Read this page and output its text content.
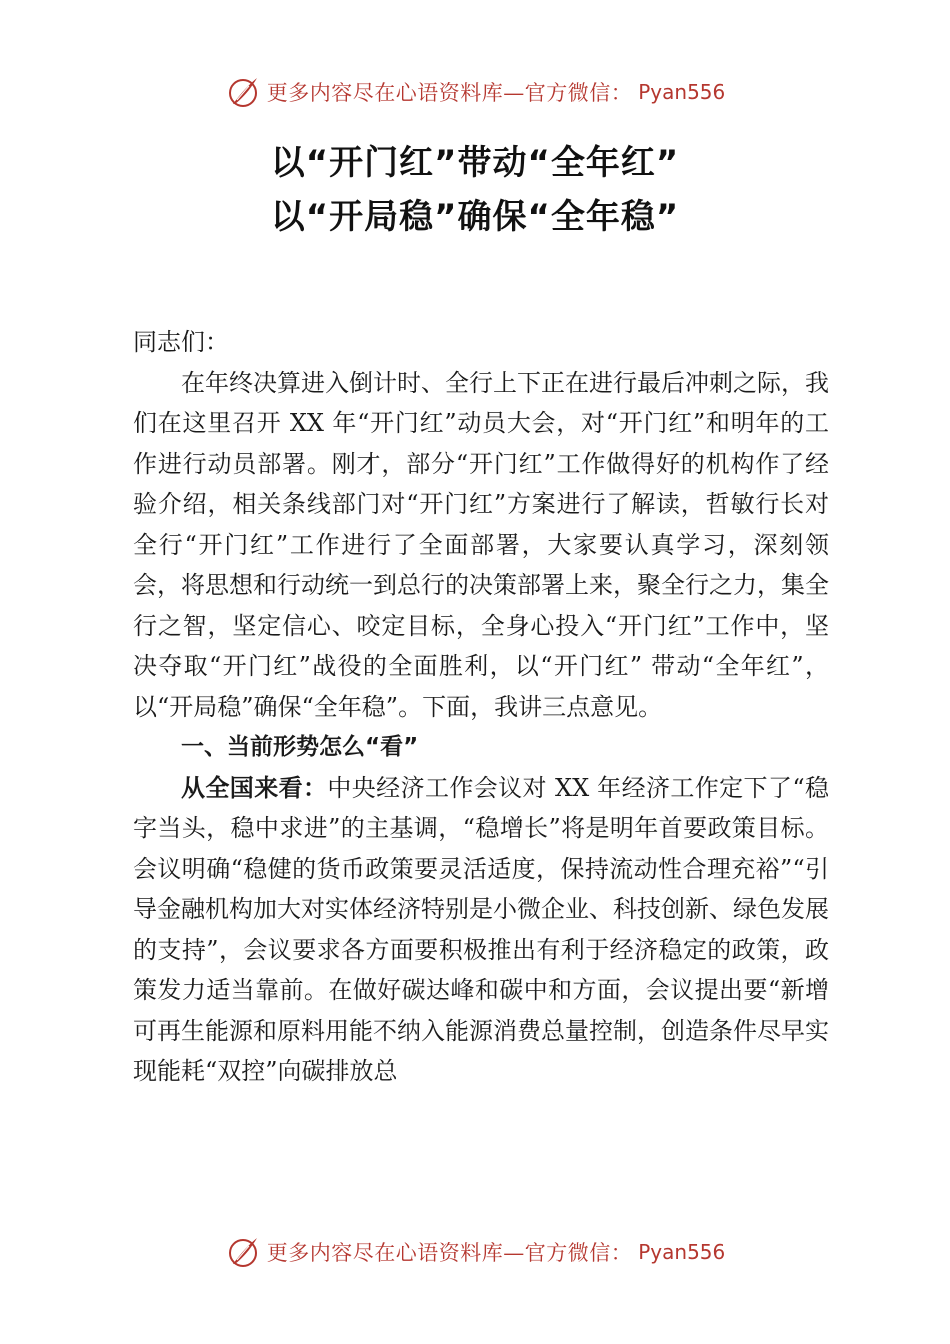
更多内容尽在心语资料库—官方微信： Pyan556
以“开门红”带动“全年红”
以“开局稳”确保“全年稳”

同志们：

在年终决算进入倒计时、全行上下正在进行最后冲刺之际，我们在这里召开 XX 年“开门红”动员大会，对“开门红”和明年的工作进行动员部署。刚才，部分“开门红”工作做得好的机构作了经验介绍，相关条线部门对“开门红”方案进行了解读，哲敏行长对全行“开门红”工作进行了全面部署，大家要认真学习，深刻领会，将思想和行动统一到总行的决策部署上来，聚全行之力，集全行之智，坚定信心、咬定目标，全身心投入“开门红”工作中，坚决夺取“开门红”战役的全面胜利，以“开门红” 带动“全年红”，以“开局稳”确保“全年稳”。下面，我讲三点意见。

一、当前形势怎么“看”

从全国来看：中央经济工作会议对 XX 年经济工作定下了“稳字当头，稳中求进”的主基调，“稳增长”将是明年首要政策目标。会议明确“稳健的货币政策要灵活适度，保持流动性合理充裕”“引导金融机构加大对实体经济特别是小微企业、科技创新、绿色发展的支持”，会议要求各方面要积极推出有利于经济稳定的政策，政策发力适当靠前。在做好碳达峰和碳中和方面，会议提出要“新增可再生能源和原料用能不纳入能源消费总量控制，创造条件尽早实现能耗“双控”向碳排放总

更多内容尽在心语资料库—官方微信： Pyan556
